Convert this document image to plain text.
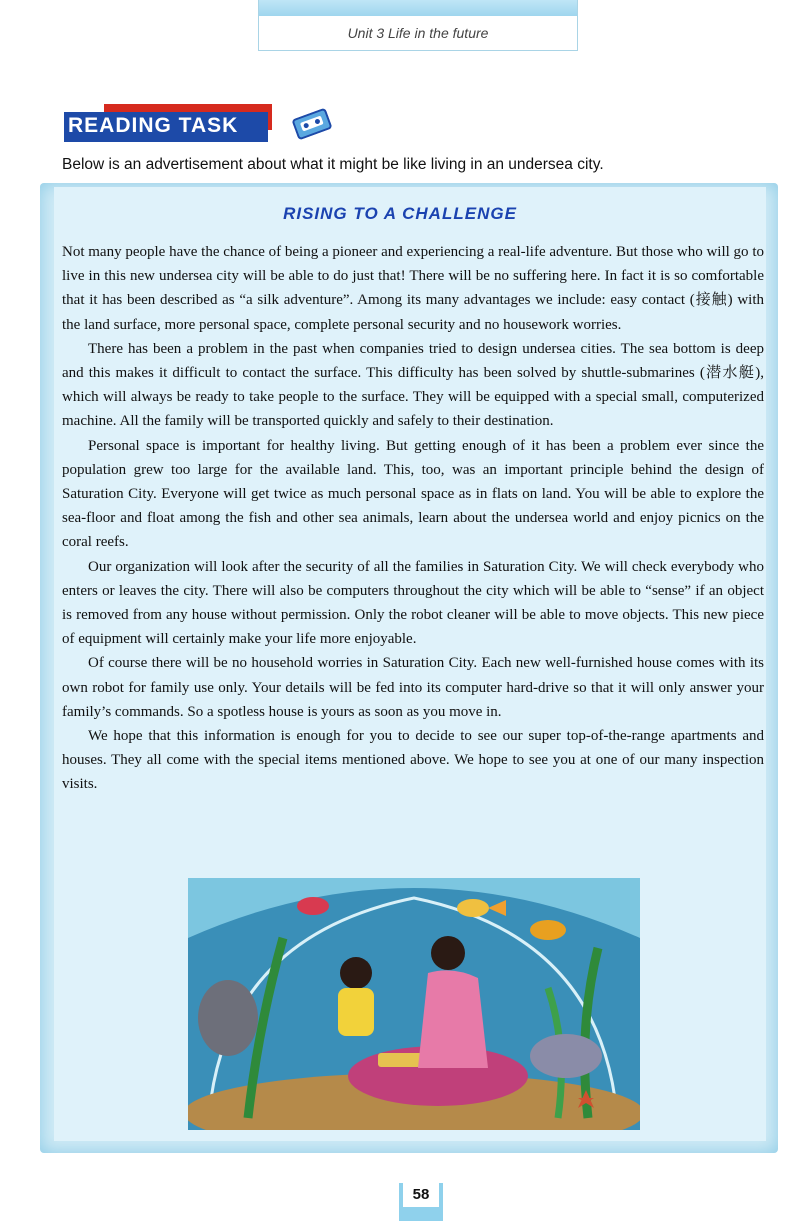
Unit 3 Life in the future
READING TASK
Below is an advertisement about what it might be like living in an undersea city.
RISING TO A CHALLENGE

Not many people have the chance of being a pioneer and experiencing a real-life adventure. But those who will go to live in this new undersea city will be able to do just that! There will be no suffering here. In fact it is so comfortable that it has been described as “a silk adventure”. Among its many advantages we include: easy contact (接触) with the land surface, more personal space, complete personal security and no housework worries.

There has been a problem in the past when companies tried to design undersea cities. The sea bottom is deep and this makes it difficult to contact the surface. This difficulty has been solved by shuttle-submarines (潜水艇), which will always be ready to take people to the surface. They will be equipped with a special small, computerized machine. All the family will be transported quickly and safely to their destination.

Personal space is important for healthy living. But getting enough of it has been a problem ever since the population grew too large for the available land. This, too, was an important principle behind the design of Saturation City. Everyone will get twice as much personal space as in flats on land. You will be able to explore the sea-floor and float among the fish and other sea animals, learn about the undersea world and enjoy picnics on the coral reefs.

Our organization will look after the security of all the families in Saturation City. We will check everybody who enters or leaves the city. There will also be computers throughout the city which will be able to “sense” if an object is removed from any house without permission. Only the robot cleaner will be able to move objects. This new piece of equipment will certainly make your life more enjoyable.

Of course there will be no household worries in Saturation City. Each new well-furnished house comes with its own robot for family use only. Your details will be fed into its computer hard-drive so that it will only answer your family’s commands. So a spotless house is yours as soon as you move in.

We hope that this information is enough for you to decide to see our super top-of-the-range apartments and houses. They all come with the special items mentioned above. We hope to see you at one of our many inspection visits.

58
